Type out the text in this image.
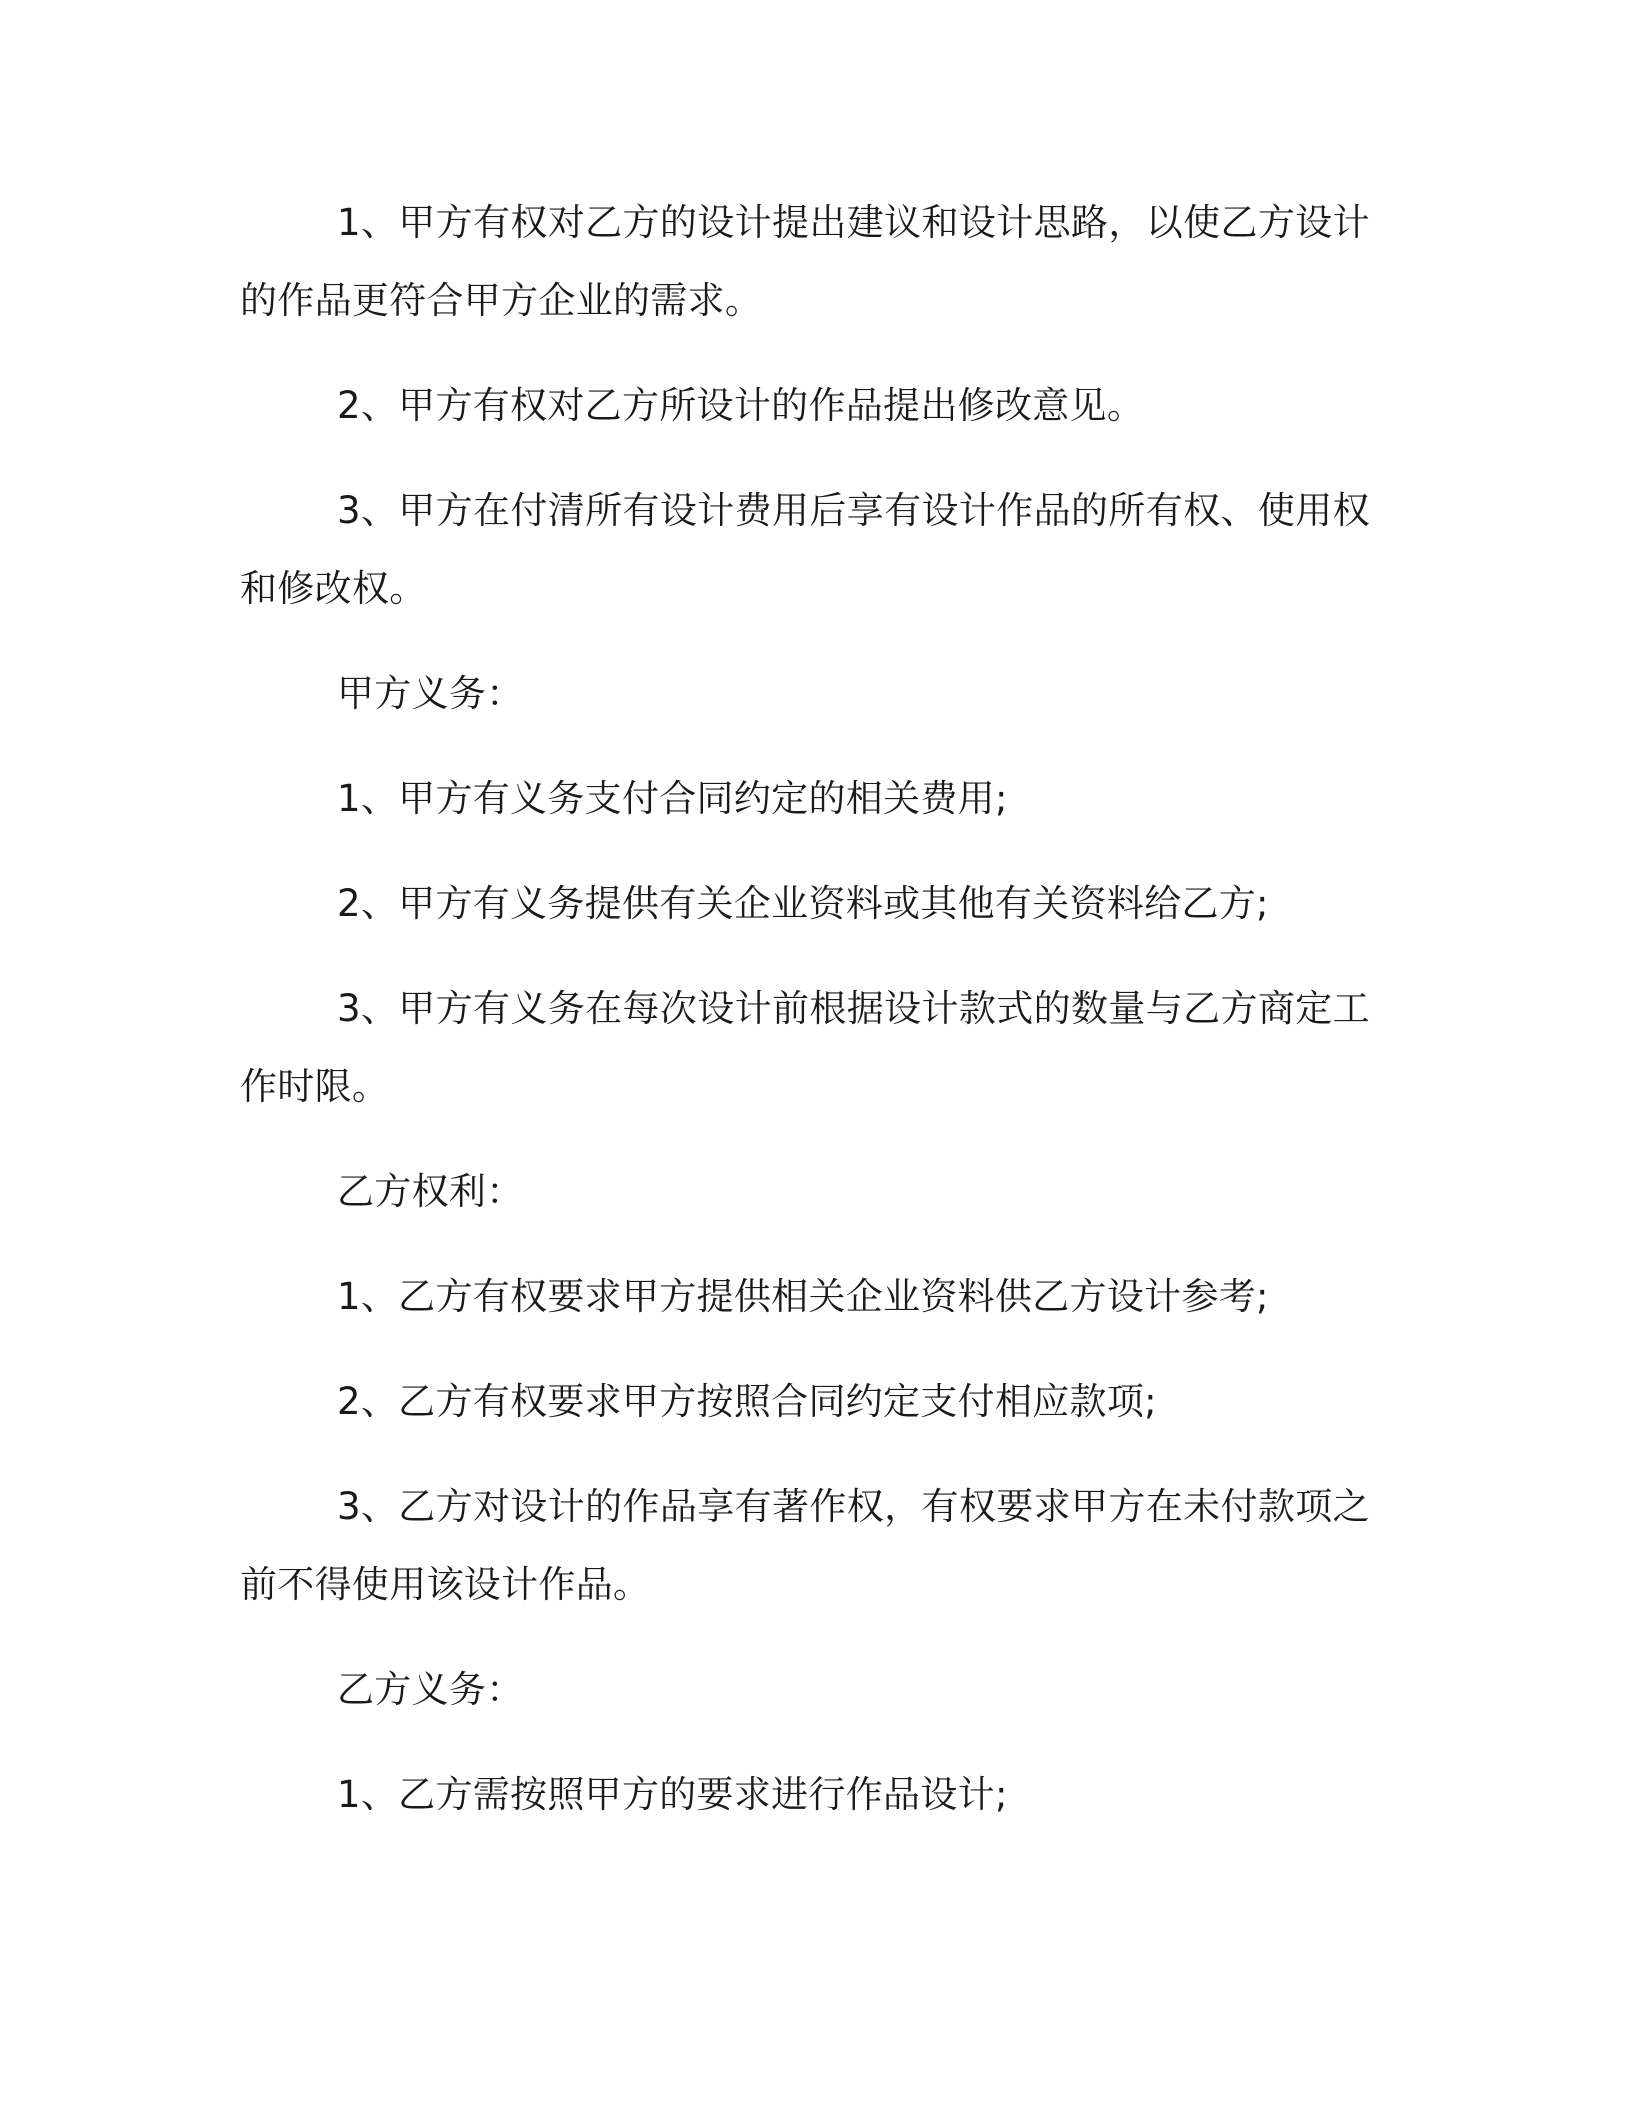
1、甲方有权对乙方的设计提出建议和设计思路，以使乙方设计的作品更符合甲方企业的需求。

2、甲方有权对乙方所设计的作品提出修改意见。

3、甲方在付清所有设计费用后享有设计作品的所有权、使用权和修改权。

甲方义务：

1、甲方有义务支付合同约定的相关费用;

2、甲方有义务提供有关企业资料或其他有关资料给乙方;

3、甲方有义务在每次设计前根据设计款式的数量与乙方商定工作时限。

乙方权利：

1、乙方有权要求甲方提供相关企业资料供乙方设计参考;

2、乙方有权要求甲方按照合同约定支付相应款项;

3、乙方对设计的作品享有著作权，有权要求甲方在未付款项之前不得使用该设计作品。

乙方义务：

1、乙方需按照甲方的要求进行作品设计;
